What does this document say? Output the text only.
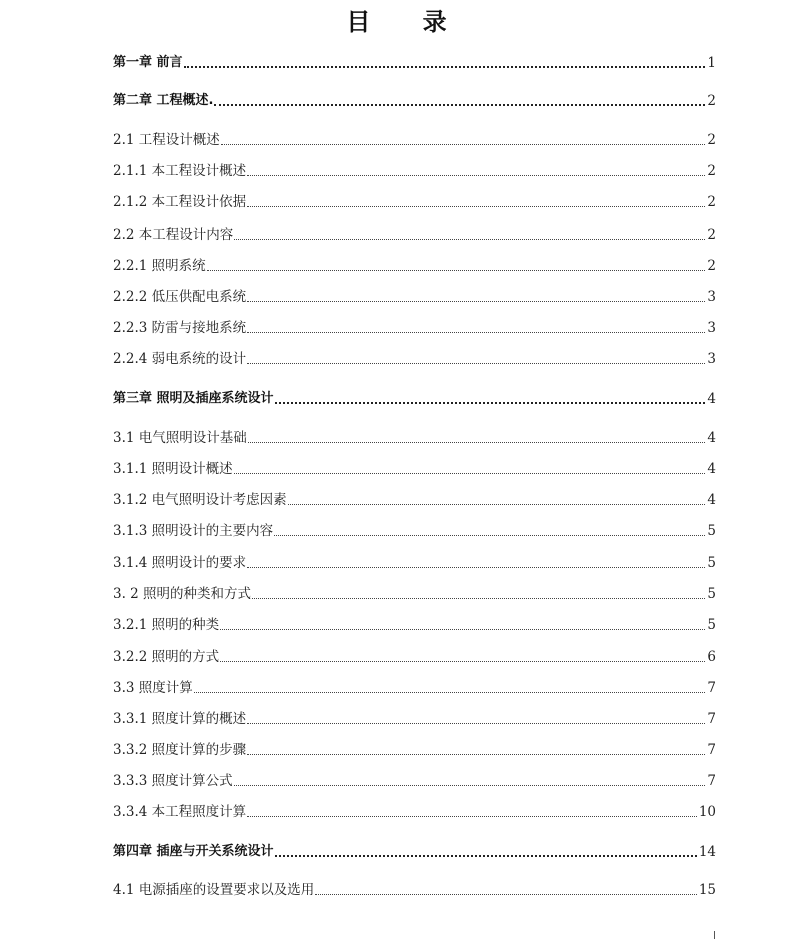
目 录
第一章 前言	1
第二章 工程概述.	2
2.1 工程设计概述	2
2.1.1 本工程设计概述	2
2.1.2 本工程设计依据	2
2.2 本工程设计内容	2
2.2.1 照明系统	2
2.2.2 低压供配电系统	3
2.2.3 防雷与接地系统	3
2.2.4 弱电系统的设计	3
第三章 照明及插座系统设计	4
3.1 电气照明设计基础	4
3.1.1 照明设计概述	4
3.1.2 电气照明设计考虑因素	4
3.1.3 照明设计的主要内容	5
3.1.4 照明设计的要求	5
3. 2 照明的种类和方式	5
3.2.1 照明的种类	5
3.2.2 照明的方式	6
3.3 照度计算	7
3.3.1 照度计算的概述	7
3.3.2 照度计算的步骤	7
3.3.3 照度计算公式	7
3.3.4 本工程照度计算	10
第四章 插座与开关系统设计	14
4.1 电源插座的设置要求以及选用	15
